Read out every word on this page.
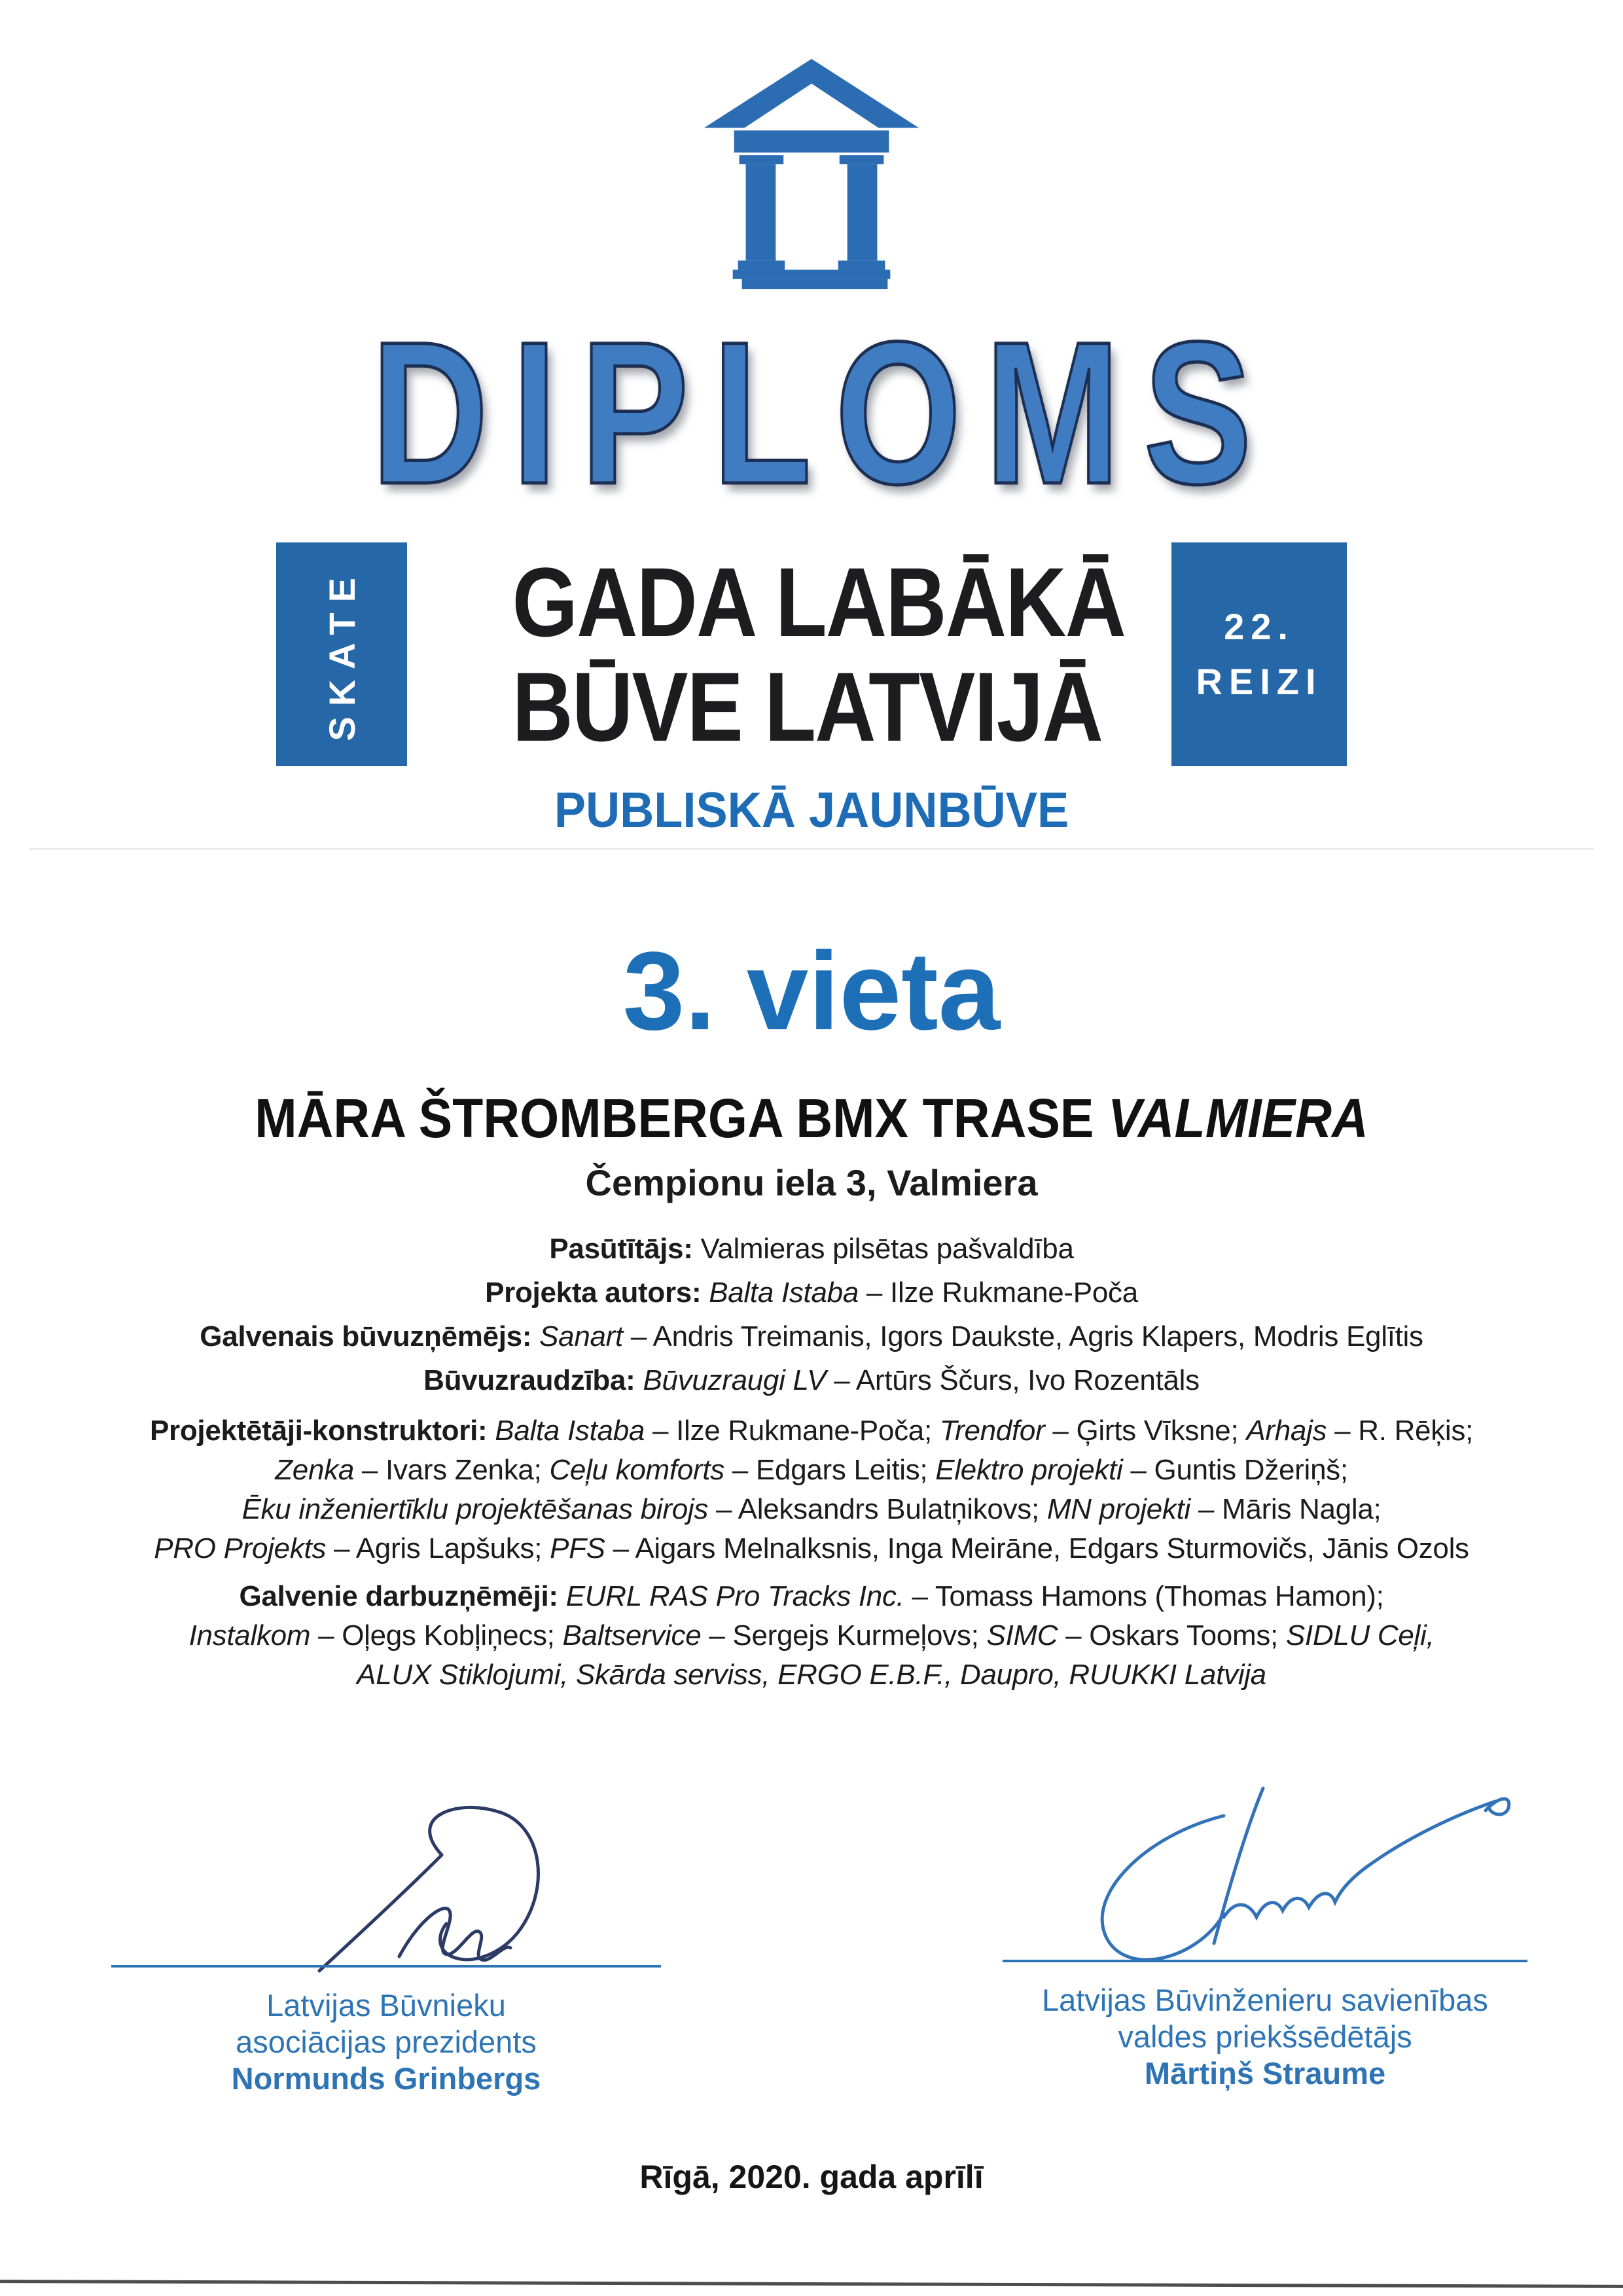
DIPLOMS
SKATE GADA LABĀKĀ
BŪVE LATVIJĀ
22.
REIZI
PUBLISKĀ JAUNBŪVE
3. vieta
MĀRA ŠTROMBERGA BMX TRASE VALMIERA
Čempionu iela 3, Valmiera
Pasūtītājs: Valmieras pilsētas pašvaldība
Projekta autors: Balta Istaba – Ilze Rukmane-Poča
Galvenais būvuzņēmējs: Sanart – Andris Treimanis, Igors Daukste, Agris Klapers, Modris Eglītis
Būvuzraudzība: Būvuzraugi LV – Artūrs Ščurs, Ivo Rozentāls
Projektētāji-konstruktori: Balta Istaba – Ilze Rukmane-Poča; Trendfor – Ģirts Vīksne; Arhajs – R. Rēķis;
Zenka – Ivars Zenka; Ceļu komforts – Edgars Leitis; Elektro projekti – Guntis Džeriņš;
Ēku inženiertīklu projektēšanas birojs – Aleksandrs Bulatņikovs; MN projekti – Māris Nagla;
PRO Projekts – Agris Lapšuks; PFS – Aigars Melnalksnis, Inga Meirāne, Edgars Sturmovičs, Jānis Ozols
Galvenie darbuzņēmēji: EURL RAS Pro Tracks Inc. – Tomass Hamons (Thomas Hamon);
Instalkom – Oļegs Kobļiņecs; Baltservice – Sergejs Kurmeļovs; SIMC – Oskars Tooms; SIDLU Ceļi,
ALUX Stiklojumi, Skārda serviss, ERGO E.B.F., Daupro, RUUKKI Latvija
Latvijas Būvnieku
asociācijas prezidents
Normunds Grinbergs
Latvijas Būvinženieru savienības
valdes priekšsēdētājs
Mārtiņš Straume
Rīgā, 2020. gada aprīlī
